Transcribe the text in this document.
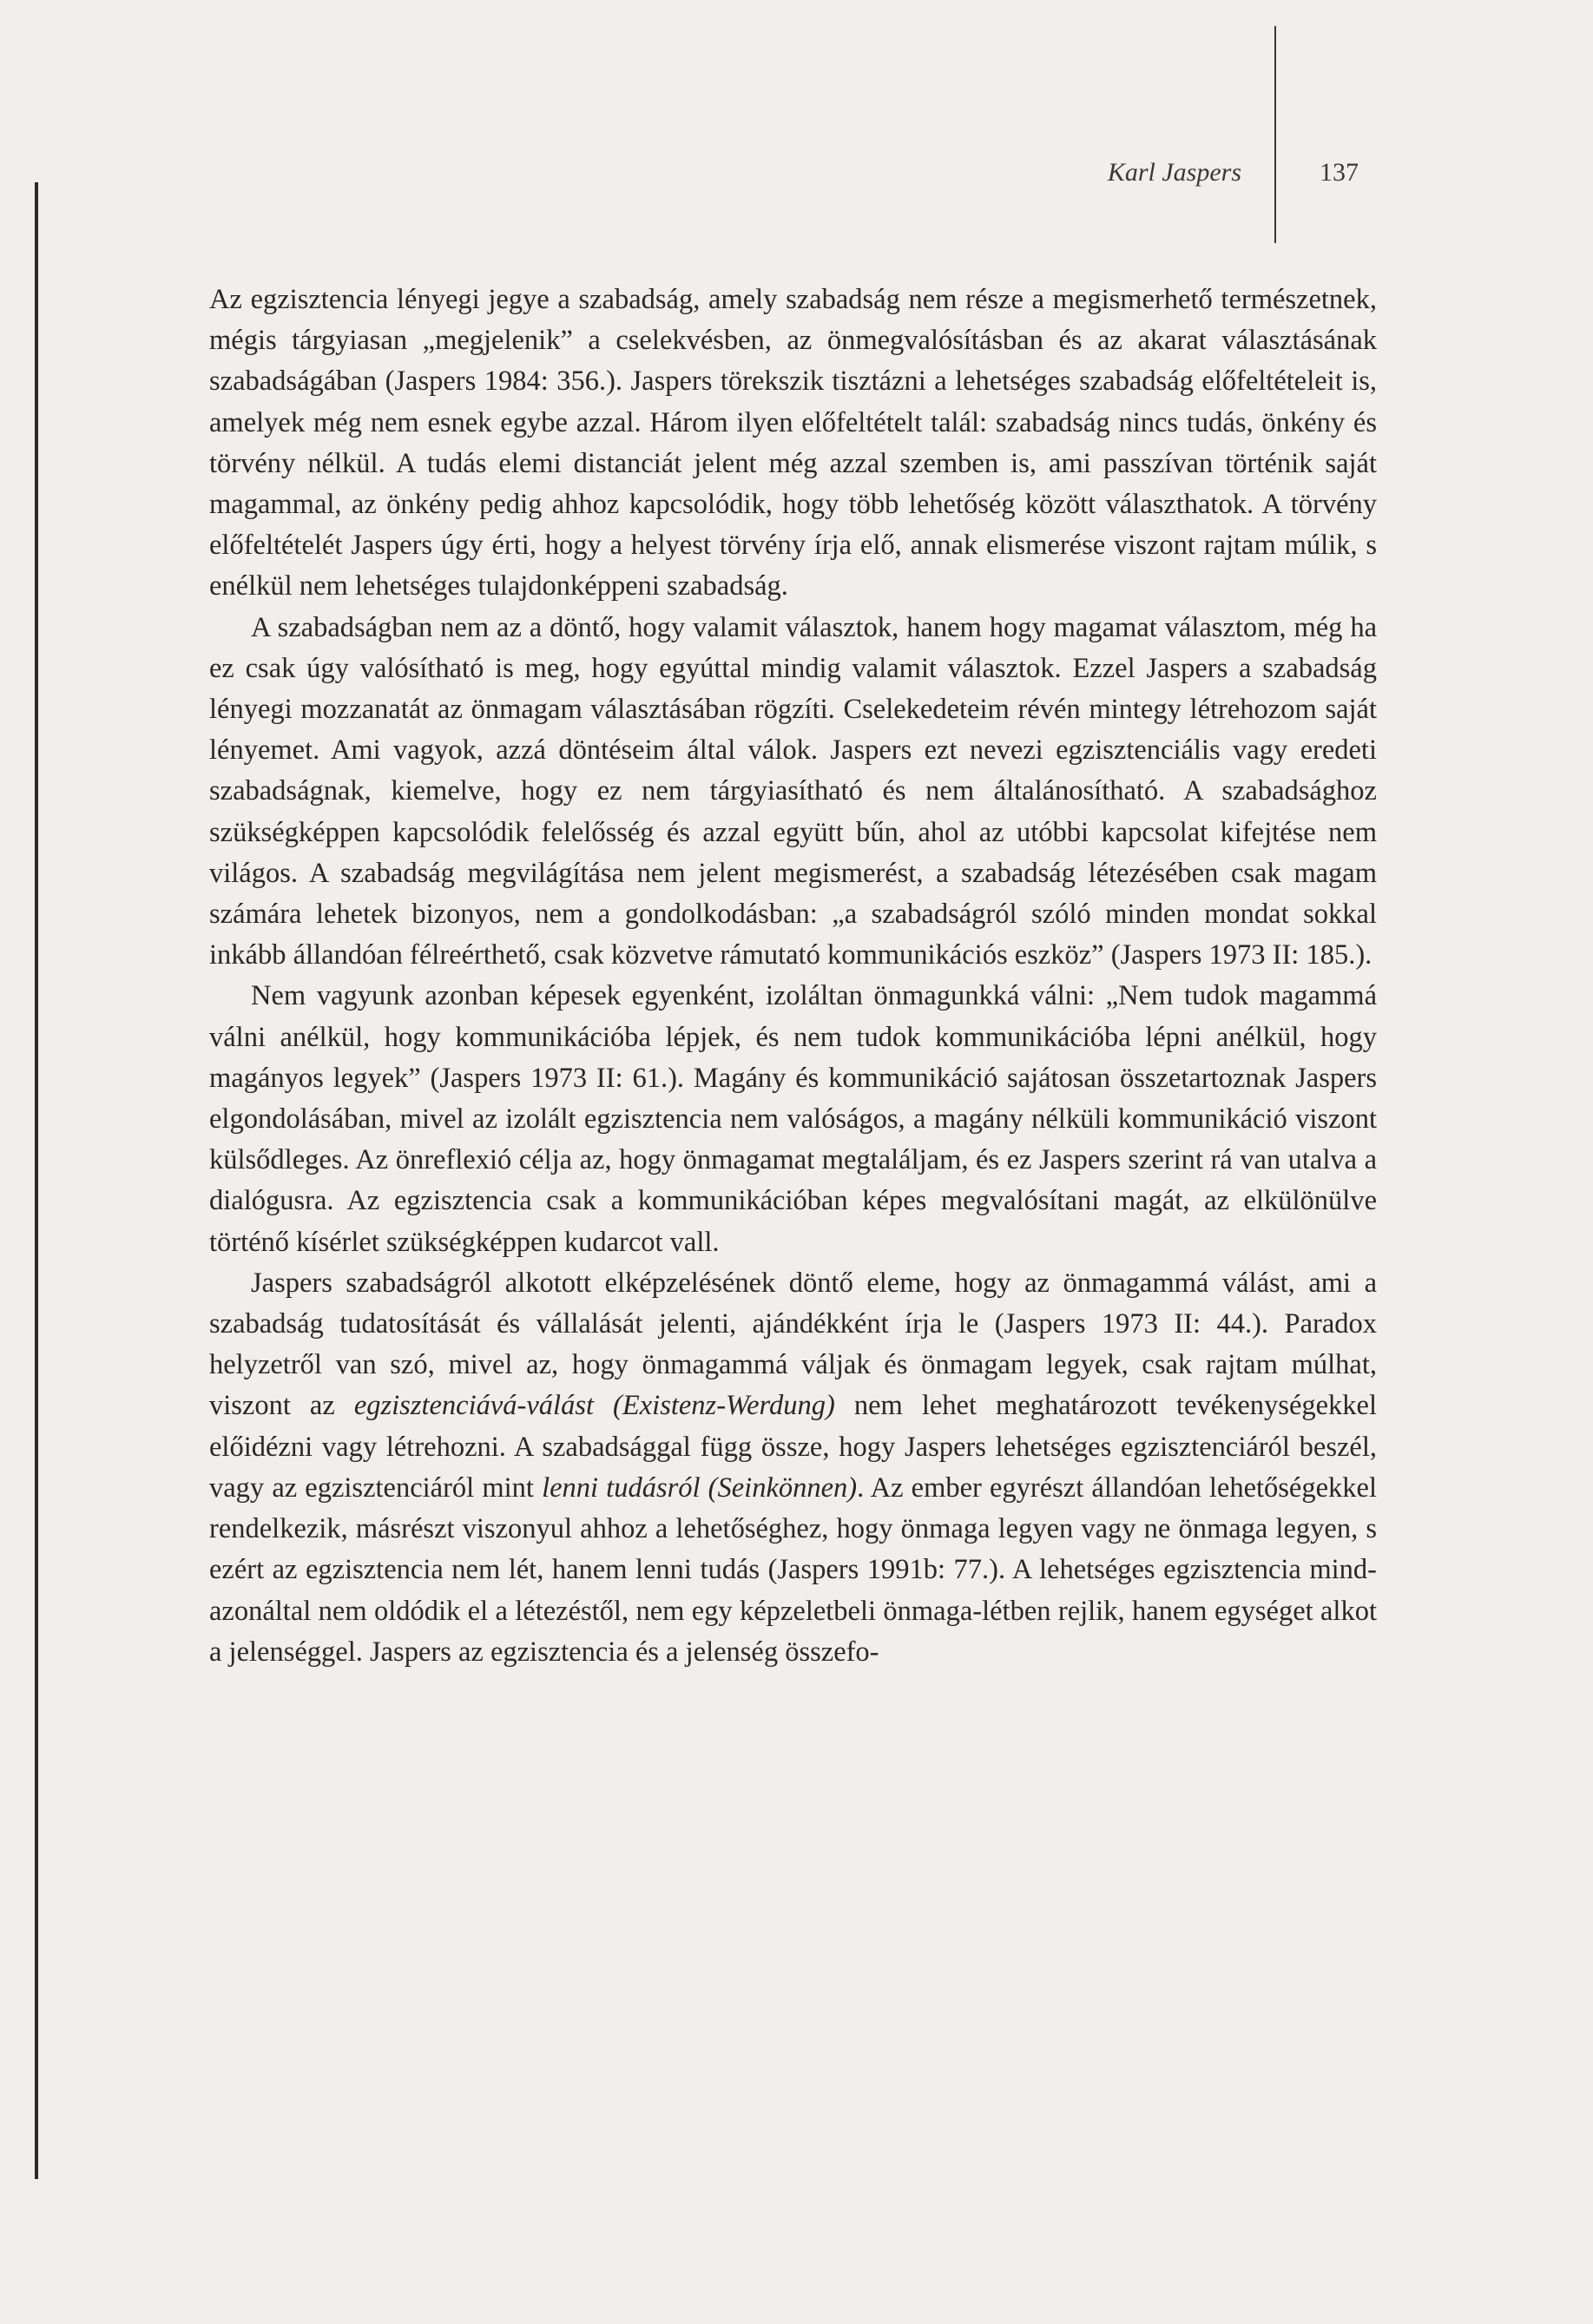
Karl Jaspers	137

Az egzisztencia lényegi jegye a szabadság, amely szabadság nem része a megismerhető természetnek, mégis tárgyiasan „megjelenik” a cselekvésben, az önmegvalósításban és az akarat választásának szabadságában (Jaspers 1984: 356.). Jaspers törekszik tisztázni a lehetséges szabadság előfeltételeit is, amelyek még nem esnek egybe azzal. Három ilyen előfeltételt talál: szabadság nincs tudás, önkény és törvény nélkül. A tudás elemi distanciát jelent még azzal szemben is, ami passzívan történik saját magammal, az önkény pedig ahhoz kapcsolódik, hogy több lehetőség között választhatok. A törvény előfeltételét Jaspers úgy érti, hogy a helyest törvény írja elő, annak elismerése viszont rajtam múlik, s enélkül nem lehetséges tulajdonképpeni szabadság.

A szabadságban nem az a döntő, hogy valamit választok, hanem hogy magamat választom, még ha ez csak úgy valósítható is meg, hogy egyúttal mindig valamit választok. Ezzel Jaspers a szabadság lényegi mozzanatát az önmagam választásában rögzíti. Cselekedeteim révén mintegy létrehozom saját lényemet. Ami vagyok, azzá döntéseim által válok. Jaspers ezt nevezi egzisztenciális vagy eredeti szabadságnak, kiemelve, hogy ez nem tárgyiasítható és nem általánosítható. A szabadsághoz szükségképpen kapcsolódik felelősség és azzal együtt bűn, ahol az utóbbi kapcsolat kifejtése nem világos. A szabadság megvilágítása nem jelent megismerést, a szabadság létezésében csak magam számára lehetek bizonyos, nem a gondolkodásban: „a szabadságról szóló minden mondat sokkal inkább állandóan félreérthető, csak közvetve rámutató kommunikációs eszköz” (Jaspers 1973 II: 185.).

Nem vagyunk azonban képesek egyenként, izoláltan önmagunkká válni: „Nem tudok magammá válni anélkül, hogy kommunikációba lépjek, és nem tudok kommunikációba lépni anélkül, hogy magányos legyek” (Jaspers 1973 II: 61.). Magány és kommunikáció sajátosan összetartoznak Jaspers elgondolásában, mivel az izolált egzisztencia nem valóságos, a magány nélküli kommunikáció viszont külsődleges. Az önreflexió célja az, hogy önmagamat megtaláljam, és ez Jaspers szerint rá van utalva a dialógusra. Az egzisztencia csak a kommunikációban képes megvalósítani magát, az elkülönülve történő kísérlet szükségképpen kudarcot vall.

Jaspers szabadságról alkotott elképzelésének döntő eleme, hogy az önmagammá válást, ami a szabadság tudatosítását és vállalását jelenti, ajándékként írja le (Jaspers 1973 II: 44.). Paradox helyzetről van szó, mivel az, hogy önmagammá váljak és önmagam legyek, csak rajtam múlhat, viszont az egzisztenciává-válást (Existenz-Werdung) nem lehet meghatározott tevékenységekkel előidézni vagy létrehozni. A szabadsággal függ össze, hogy Jaspers lehetséges egzisztenciáról beszél, vagy az egzisztenciáról mint lenni tudásról (Seinkönnen). Az ember egyrészt állandóan lehetőségekkel rendelkezik, másrészt viszonyul ahhoz a lehetőséghez, hogy önmaga legyen vagy ne önmaga legyen, s ezért az egzisztencia nem lét, hanem lenni tudás (Jaspers 1991b: 77.). A lehetséges egzisztencia mindazonáltal nem oldódik el a létezéstől, nem egy képzeletbeli önmaga-létben rejlik, hanem egységet alkot a jelenséggel. Jaspers az egzisztencia és a jelenség összefo-
